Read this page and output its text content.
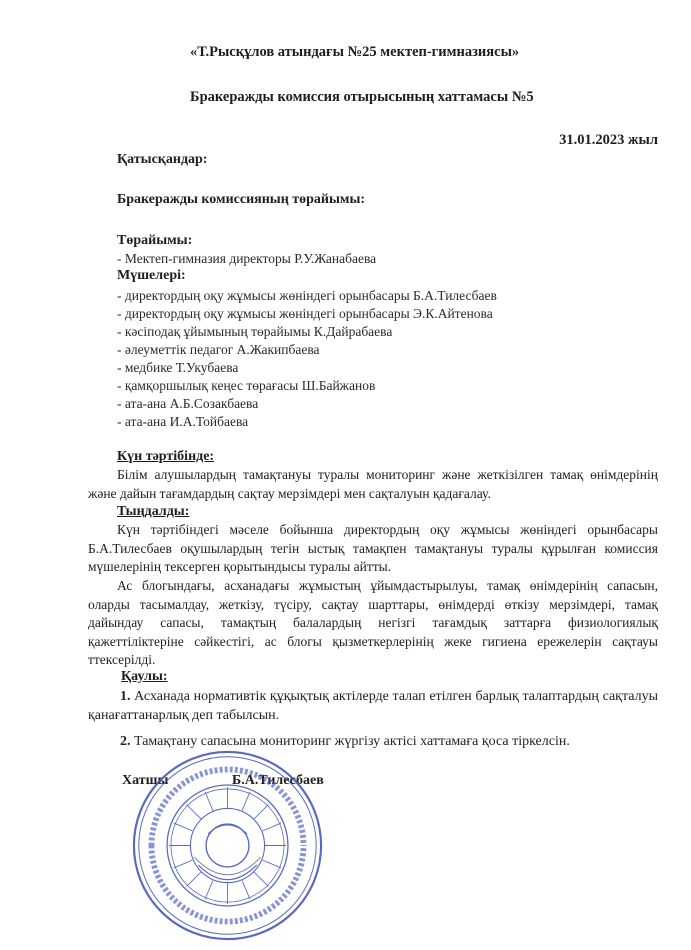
«Т.Рысқұлов атындағы №25 мектеп-гимназиясы»
Бракеражды комиссия отырысының хаттамасы №5
31.01.2023 жыл
Қатысқандар:
Бракеражды комиссияның төрайымы:
Төрайымы:
- Мектеп-гимназия директоры Р.У.Жанабаева
Мүшелері:
- директордың оқу жұмысы жөніндегі орынбасары Б.А.Тилесбаев
- директордың оқу жұмысы жөніндегі орынбасары Э.К.Айтенова
- кәсіподақ ұйымының төрайымы К.Дайрабаева
- әлеуметтік педагог А.Жакипбаева
- медбике Т.Укубаева
- қамқоршылық кеңес төрағасы Ш.Байжанов
- ата-ана А.Б.Созакбаева
- ата-ана И.А.Тойбаева
Күн тәртібінде:
Білім алушылардың тамақтануы туралы мониторинг және жеткізілген тамақ өнімдерінің және дайын тағамдардың сақтау мерзімдері мен сақталуын қадағалау.
Тыңдалды:
Күн тәртібіндегі мәселе бойынша директордың оқу жұмысы жөніндегі орынбасары Б.А.Тилесбаев оқушылардың тегін ыстық тамақпен тамақтануы туралы құрылған комиссия мүшелерінің тексерген қорытындысы туралы айтты.
Ас блогындағы, асханадағы жұмыстың ұйымдастырылуы, тамақ өнімдерінің сапасын, оларды тасымалдау, жеткізу, түсіру, сақтау шарттары, өнімдерді өткізу мерзімдері, тамақ дайындау сапасы, тамақтың балалардың негізгі тағамдық заттарға физиологиялық қажеттіліктеріне сәйкестігі, ас блогы қызметкерлерінің жеке гигиена ережелерін сақтауы ттексерілді.
Қаулы:
1. Асханада нормативтік құқықтық актілерде талап етілген барлық талаптардың сақталуы қанағаттанарлық деп табылсын.
2. Тамақтану сапасына мониторинг жүргізу актісі хаттамаға қоса тіркелсін.
Хатшы	Б.А.Тилесбаев
